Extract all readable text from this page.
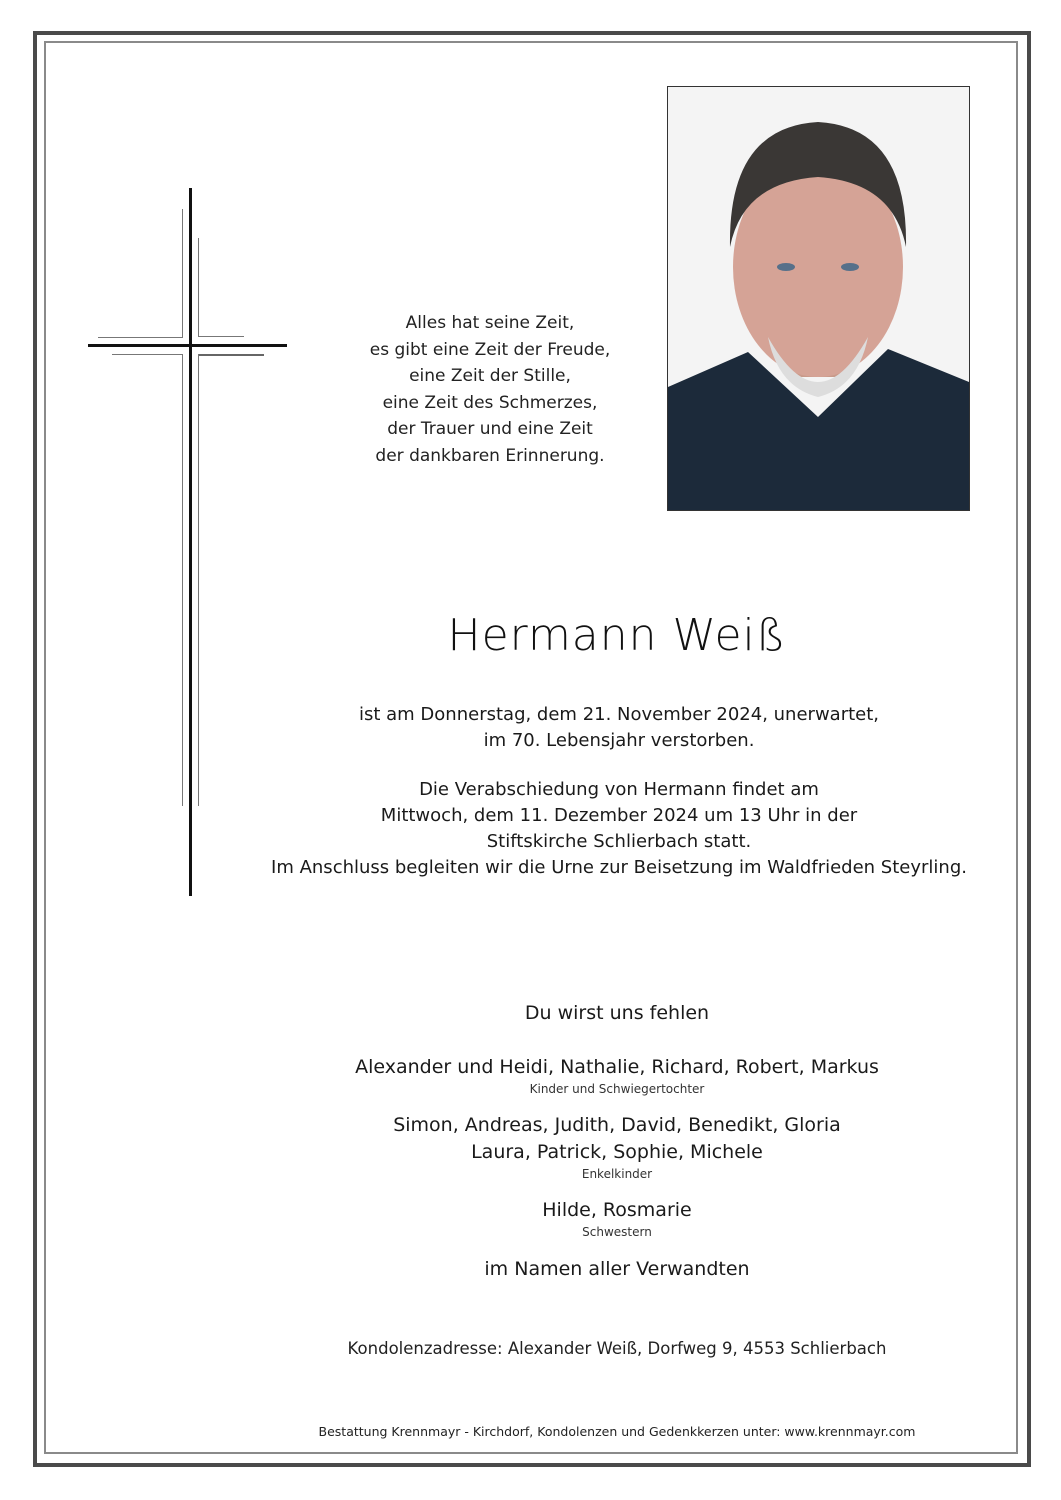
Alles hat seine Zeit,
es gibt eine Zeit der Freude,
eine Zeit der Stille,
eine Zeit des Schmerzes,
der Trauer und eine Zeit
der dankbaren Erinnerung.
Hermann Weiß
ist am Donnerstag, dem 21. November 2024, unerwartet,
im 70. Lebensjahr verstorben.
Die Verabschiedung von Hermann findet am
Mittwoch, dem 11. Dezember 2024 um 13 Uhr in der
Stiftskirche Schlierbach statt.
Im Anschluss begleiten wir die Urne zur Beisetzung im Waldfrieden Steyrling.
Du wirst uns fehlen
Alexander und Heidi, Nathalie, Richard, Robert, Markus
Kinder und Schwiegertochter
Simon, Andreas, Judith, David, Benedikt, Gloria
Laura, Patrick, Sophie, Michele
Enkelkinder
Hilde, Rosmarie
Schwestern
im Namen aller Verwandten
Kondolenzadresse: Alexander Weiß, Dorfweg 9, 4553 Schlierbach
Bestattung Krennmayr - Kirchdorf, Kondolenzen und Gedenkkerzen unter: www.krennmayr.com
